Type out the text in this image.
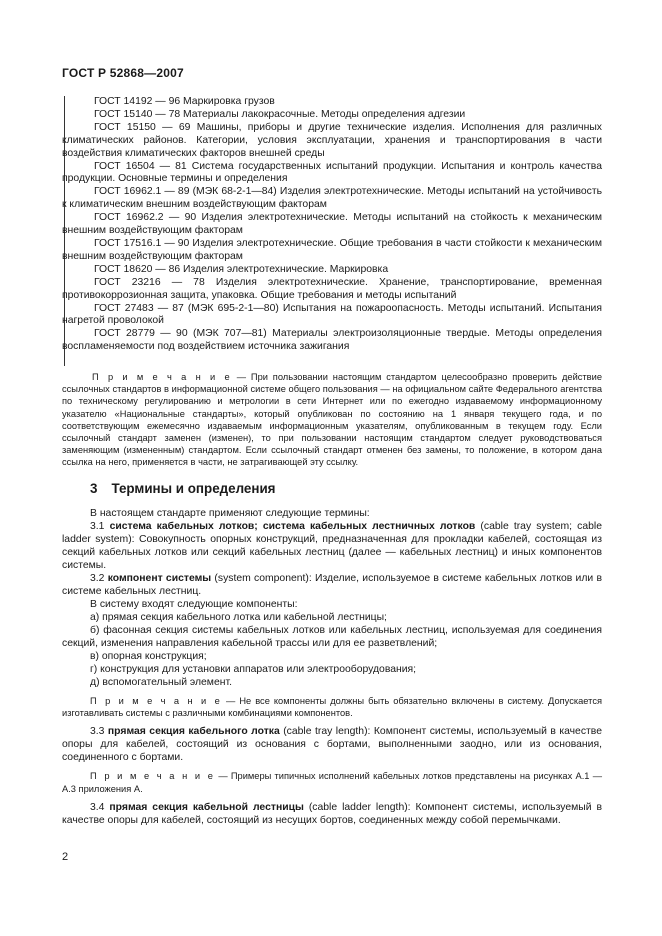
ГОСТ Р 52868—2007

ГОСТ 14192 — 96 Маркировка грузов

ГОСТ 15140 — 78 Материалы лакокрасочные. Методы определения адгезии

ГОСТ 15150 — 69 Машины, приборы и другие технические изделия. Исполнения для различных климатических районов. Категории, условия эксплуатации, хранения и транспортирования в части воздействия климатических факторов внешней среды

ГОСТ 16504 — 81 Система государственных испытаний продукции. Испытания и контроль качества продукции. Основные термины и определения

ГОСТ 16962.1 — 89 (МЭК 68-2-1—84) Изделия электротехнические. Методы испытаний на устойчивость к климатическим внешним воздействующим факторам

ГОСТ 16962.2 — 90 Изделия электротехнические. Методы испытаний на стойкость к механическим внешним воздействующим факторам

ГОСТ 17516.1 — 90 Изделия электротехнические. Общие требования в части стойкости к механическим внешним воздействующим факторам

ГОСТ 18620 — 86 Изделия электротехнические. Маркировка

ГОСТ 23216 — 78 Изделия электротехнические. Хранение, транспортирование, временная противокоррозионная защита, упаковка. Общие требования и методы испытаний

ГОСТ 27483 — 87 (МЭК 695-2-1—80) Испытания на пожароопасность. Методы испытаний. Испытания нагретой проволокой

ГОСТ 28779 — 90 (МЭК 707—81) Материалы электроизоляционные твердые. Методы определения воспламеняемости под воздействием источника зажигания

П р и м е ч а н и е — При пользовании настоящим стандартом целесообразно проверить действие ссылочных стандартов в информационной системе общего пользования — на официальном сайте Федерального агентства по техническому регулированию и метрологии в сети Интернет или по ежегодно издаваемому информационному указателю «Национальные стандарты», который опубликован по состоянию на 1 января текущего года, и по соответствующим ежемесячно издаваемым информационным указателям, опубликованным в текущем году. Если ссылочный стандарт заменен (изменен), то при пользовании настоящим стандартом следует руководствоваться заменяющим (измененным) стандартом. Если ссылочный стандарт отменен без замены, то положение, в котором дана ссылка на него, применяется в части, не затрагивающей эту ссылку.

3 Термины и определения

В настоящем стандарте применяют следующие термины:

3.1 система кабельных лотков; система кабельных лестничных лотков (cable tray system; cable ladder system): Совокупность опорных конструкций, предназначенная для прокладки кабелей, состоящая из секций кабельных лотков или секций кабельных лестниц (далее — кабельных лестниц) и иных компонентов системы.

3.2 компонент системы (system component): Изделие, используемое в системе кабельных лотков или в системе кабельных лестниц.

В систему входят следующие компоненты:

а) прямая секция кабельного лотка или кабельной лестницы;

б) фасонная секция системы кабельных лотков или кабельных лестниц, используемая для соединения секций, изменения направления кабельной трассы или для ее разветвлений;

в) опорная конструкция;

г) конструкция для установки аппаратов или электрооборудования;

д) вспомогательный элемент.

П р и м е ч а н и е — Не все компоненты должны быть обязательно включены в систему. Допускается изготавливать системы с различными комбинациями компонентов.

3.3 прямая секция кабельного лотка (cable tray length): Компонент системы, используемый в качестве опоры для кабелей, состоящий из основания с бортами, выполненными заодно, или из основания, соединенного с бортами.

П р и м е ч а н и е — Примеры типичных исполнений кабельных лотков представлены на рисунках А.1 — А.3 приложения А.

3.4 прямая секция кабельной лестницы (cable ladder length): Компонент системы, используемый в качестве опоры для кабелей, состоящий из несущих бортов, соединенных между собой перемычками.

2
